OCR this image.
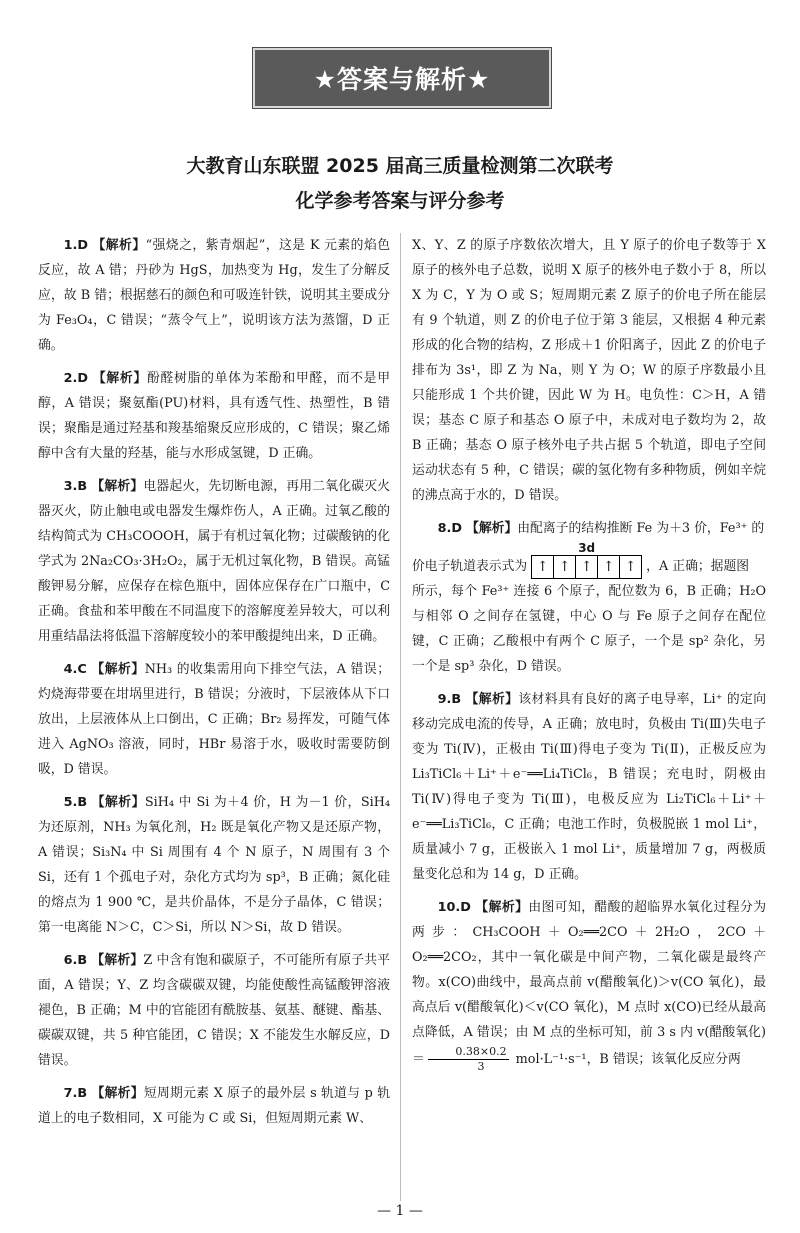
★答案与解析★
大教育山东联盟 2025 届高三质量检测第二次联考
化学参考答案与评分参考

1.D 【解析】“强烧之，紫青烟起”，这是 K 元素的焰色反应，故 A 错；丹砂为 HgS，加热变为 Hg，发生了分解反应，故 B 错；根据慈石的颜色和可吸连针铁，说明其主要成分为 Fe₃O₄，C 错误；“蒸令气上”，说明该方法为蒸馏，D 正确。

2.D 【解析】酚醛树脂的单体为苯酚和甲醛，而不是甲醇，A 错误；聚氨酯(PU)材料，具有透气性、热塑性，B 错误；聚酯是通过羟基和羧基缩聚反应形成的，C 错误；聚乙烯醇中含有大量的羟基，能与水形成氢键，D 正确。

3.B 【解析】电器起火，先切断电源，再用二氧化碳灭火器灭火，防止触电或电器发生爆炸伤人，A 正确。过氧乙酸的结构简式为 CH₃COOOH，属于有机过氧化物；过碳酸钠的化学式为 2Na₂CO₃·3H₂O₂，属于无机过氧化物，B 错误。高锰酸钾易分解，应保存在棕色瓶中，固体应保存在广口瓶中，C 正确。食盐和苯甲酸在不同温度下的溶解度差异较大，可以利用重结晶法将低温下溶解度较小的苯甲酸提纯出来，D 正确。

4.C 【解析】NH₃ 的收集需用向下排空气法，A 错误；灼烧海带要在坩埚里进行，B 错误；分液时，下层液体从下口放出，上层液体从上口倒出，C 正确；Br₂ 易挥发，可随气体进入 AgNO₃ 溶液，同时，HBr 易溶于水，吸收时需要防倒吸，D 错误。

5.B 【解析】SiH₄ 中 Si 为＋4 价，H 为－1 价，SiH₄ 为还原剂，NH₃ 为氧化剂，H₂ 既是氧化产物又是还原产物，A 错误；Si₃N₄ 中 Si 周围有 4 个 N 原子，N 周围有 3 个 Si，还有 1 个孤电子对，杂化方式均为 sp³，B 正确；氮化硅的熔点为 1 900 ℃，是共价晶体，不是分子晶体，C 错误；第一电离能 N＞C，C＞Si，所以 N＞Si，故 D 错误。

6.B 【解析】Z 中含有饱和碳原子，不可能所有原子共平面，A 错误；Y、Z 均含碳碳双键，均能使酸性高锰酸钾溶液褪色，B 正确；M 中的官能团有酰胺基、氨基、醚键、酯基、碳碳双键，共 5 种官能团，C 错误；X 不能发生水解反应，D 错误。

7.B 【解析】短周期元素 X 原子的最外层 s 轨道与 p 轨道上的电子数相同，X 可能为 C 或 Si，但短周期元素 W、

X、Y、Z 的原子序数依次增大，且 Y 原子的价电子数等于 X 原子的核外电子总数，说明 X 原子的核外电子数小于 8，所以 X 为 C，Y 为 O 或 S；短周期元素 Z 原子的价电子所在能层有 9 个轨道，则 Z 的价电子位于第 3 能层，又根据 4 种元素形成的化合物的结构，Z 形成＋1 价阳离子，因此 Z 的价电子排布为 3s¹，即 Z 为 Na，则 Y 为 O；W 的原子序数最小且只能形成 1 个共价键，因此 W 为 H。电负性：C＞H，A 错误；基态 C 原子和基态 O 原子中，未成对电子数均为 2，故 B 正确；基态 O 原子核外电子共占据 5 个轨道，即电子空间运动状态有 5 种，C 错误；碳的氢化物有多种物质，例如辛烷的沸点高于水的，D 错误。

8.D 【解析】由配离子的结构推断 Fe 为＋3 价，Fe³⁺ 的

价电子轨道表示式为
3d
↑ ↑ ↑ ↑ ↑ ，A 正确；据题图

所示，每个 Fe³⁺ 连接 6 个原子，配位数为 6，B 正确；H₂O 与相邻 O 之间存在氢键，中心 O 与 Fe 原子之间存在配位键，C 正确；乙酸根中有两个 C 原子，一个是 sp² 杂化，另一个是 sp³ 杂化，D 错误。

9.B 【解析】该材料具有良好的离子电导率，Li⁺ 的定向移动完成电流的传导，A 正确；放电时，负极由 Ti(Ⅲ)失电子变为 Ti(Ⅳ)，正极由 Ti(Ⅲ)得电子变为 Ti(Ⅱ)，正极反应为 Li₃TiCl₆＋Li⁺＋e⁻══Li₄TiCl₆，B 错误；充电时，阴极由 Ti(Ⅳ)得电子变为 Ti(Ⅲ)，电极反应为 Li₂TiCl₆＋Li⁺＋e⁻══Li₃TiCl₆，C 正确；电池工作时，负极脱嵌 1 mol Li⁺，质量减小 7 g，正极嵌入 1 mol Li⁺，质量增加 7 g，两极质量变化总和为 14 g，D 正确。

10.D 【解析】由图可知，醋酸的超临界水氧化过程分为两步：CH₃COOH＋O₂══2CO＋2H₂O，2CO＋O₂══2CO₂，其中一氧化碳是中间产物，二氧化碳是最终产物。x(CO)曲线中，最高点前 v(醋酸氧化)＞v(CO 氧化)，最高点后 v(醋酸氧化)＜v(CO 氧化)，M 点时 x(CO)已经从最高点降低，A 错误；由 M 点的坐标可知，前 3 s 内 v(醋酸氧化)＝ $\frac{0.38\times 0.2}{3} mol\cdot L^{-1}\cdot s^{-1}$，B 错误；该氧化反应分两

— 1 —
